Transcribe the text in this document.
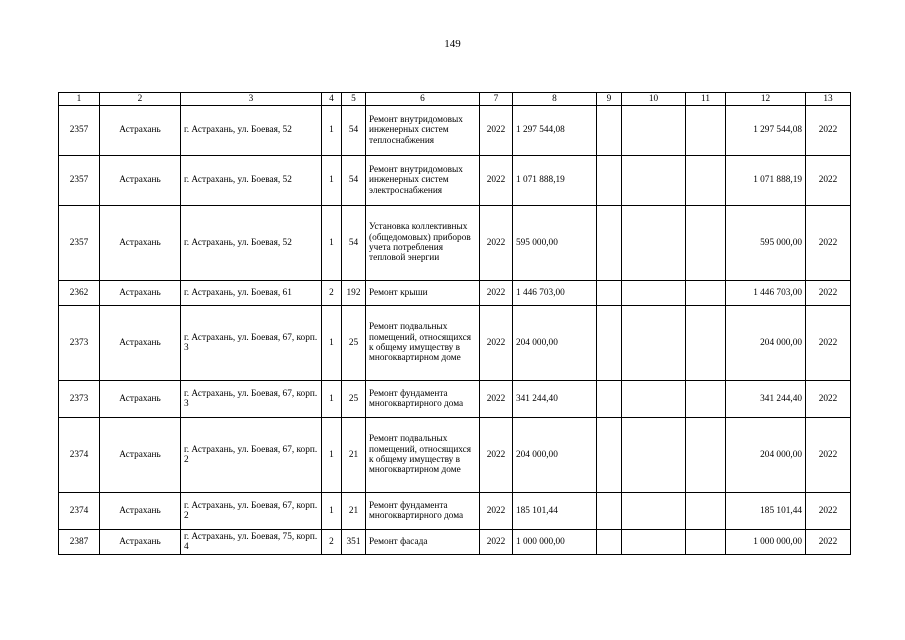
149
1	2	3	4	5	6	7	8	9	10	11	12	13
2357	Астрахань	г. Астрахань, ул. Боевая, 52	1	54	Ремонт внутридомовых инженерных систем теплоснабжения	2022	1 297 544,08				1 297 544,08	2022
2357	Астрахань	г. Астрахань, ул. Боевая, 52	1	54	Ремонт внутридомовых инженерных систем электроснабжения	2022	1 071 888,19				1 071 888,19	2022
2357	Астрахань	г. Астрахань, ул. Боевая, 52	1	54	Установка коллективных (общедомовых) приборов учета потребления тепловой энергии	2022	595 000,00				595 000,00	2022
2362	Астрахань	г. Астрахань, ул. Боевая, 61	2	192	Ремонт крыши	2022	1 446 703,00				1 446 703,00	2022
2373	Астрахань	г. Астрахань, ул. Боевая, 67, корп. 3	1	25	Ремонт подвальных помещений, относящихся к общему имуществу в многоквартирном доме	2022	204 000,00				204 000,00	2022
2373	Астрахань	г. Астрахань, ул. Боевая, 67, корп. 3	1	25	Ремонт фундамента многоквартирного дома	2022	341 244,40				341 244,40	2022
2374	Астрахань	г. Астрахань, ул. Боевая, 67, корп. 2	1	21	Ремонт подвальных помещений, относящихся к общему имуществу в многоквартирном доме	2022	204 000,00				204 000,00	2022
2374	Астрахань	г. Астрахань, ул. Боевая, 67, корп. 2	1	21	Ремонт фундамента многоквартирного дома	2022	185 101,44				185 101,44	2022
2387	Астрахань	г. Астрахань, ул. Боевая, 75, корп. 4	2	351	Ремонт фасада	2022	1 000 000,00				1 000 000,00	2022
